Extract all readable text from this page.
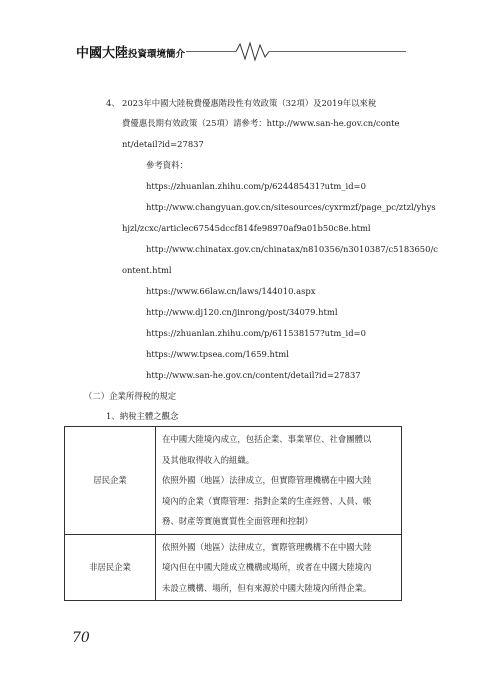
中國大陸投資環境簡介
4、 2023年中國大陸稅費優惠階段性有效政策（32項）及2019年以來稅
費優惠長期有效政策（25項）請參考：http://www.san-he.gov.cn/conte
nt/detail?id=27837
參考資料：
https://zhuanlan.zhihu.com/p/624485431?utm_id=0
http://www.changyuan.gov.cn/sitesources/cyxrmzf/page_pc/ztzl/yhys
hjzl/zcxc/articlec67545dccf814fe98970af9a01b50c8e.html
http://www.chinatax.gov.cn/chinatax/n810356/n3010387/c5183650/c
ontent.html
https://www.66law.cn/laws/144010.aspx
http://www.dj120.cn/jinrong/post/34079.html
https://zhuanlan.zhihu.com/p/611538157?utm_id=0
https://www.tpsea.com/1659.html
http://www.san-he.gov.cn/content/detail?id=27837
（二）企業所得稅的規定
1、納稅主體之觀念
居民企業	在中國大陸境內成立，包括企業、事業單位、社會團體以
及其他取得收入的組織。
依照外國（地區）法律成立，但實際管理機構在中國大陸
境內的企業（實際管理：指對企業的生產經營、人員、帳
務、財產等實施實質性全面管理和控制）

非居民企業	依照外國（地區）法律成立，實際管理機構不在中國大陸
境內但在中國大陸成立機構或場所，或者在中國大陸境內
未設立機構、場所，但有來源於中國大陸境內所得企業。
70
